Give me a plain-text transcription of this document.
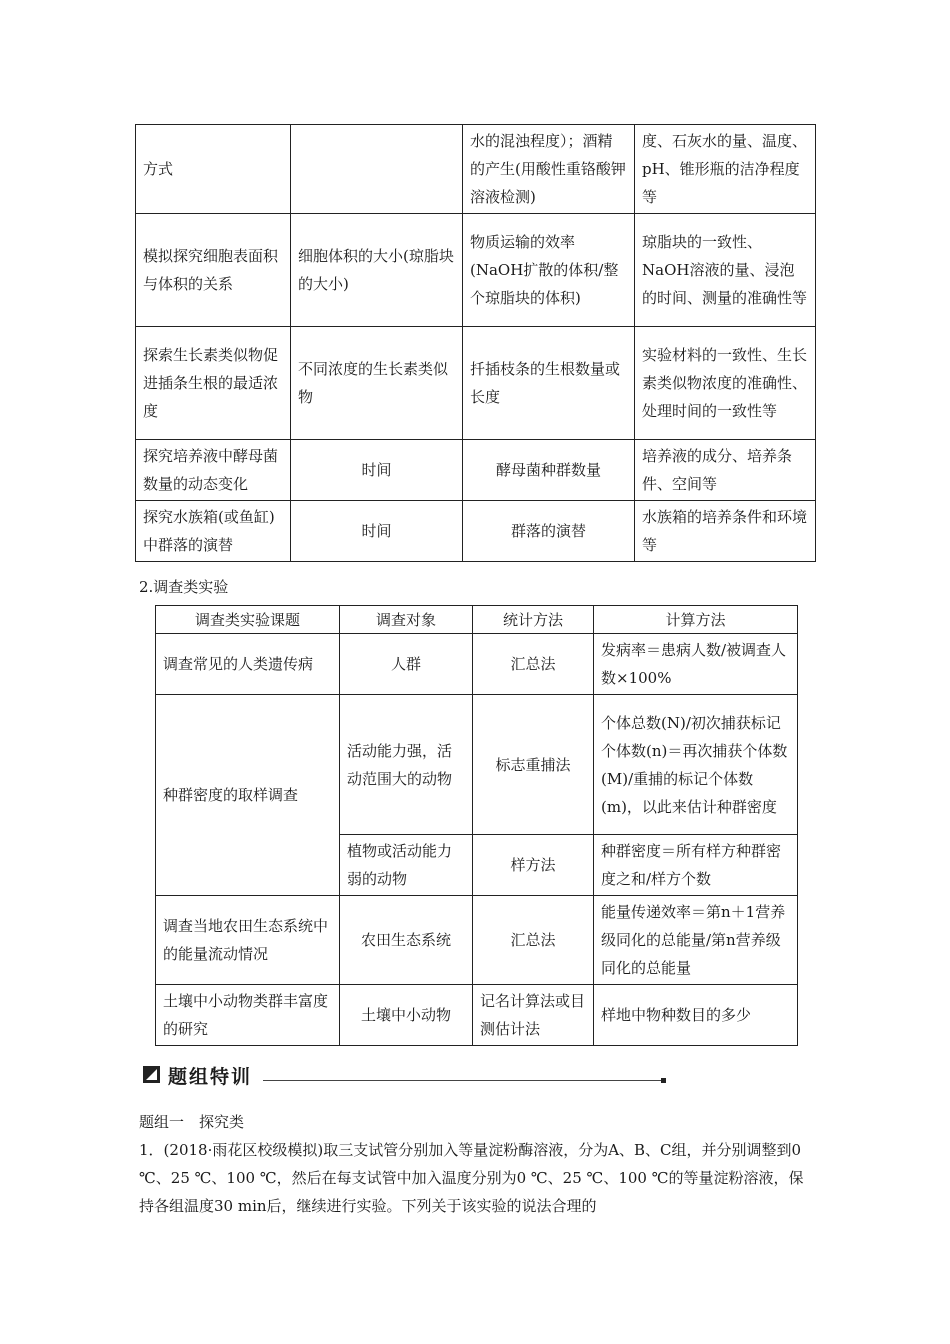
方式		水的混浊程度）；酒精的产生(用酸性重铬酸钾溶液检测)	度、石灰水的量、温度、pH、锥形瓶的洁净程度等
模拟探究细胞表面积与体积的关系	细胞体积的大小(琼脂块的大小)	物质运输的效率(NaOH扩散的体积/整个琼脂块的体积)	琼脂块的一致性、NaOH溶液的量、浸泡的时间、测量的准确性等
探索生长素类似物促进插条生根的最适浓度	不同浓度的生长素类似物	扦插枝条的生根数量或长度	实验材料的一致性、生长素类似物浓度的准确性、处理时间的一致性等
探究培养液中酵母菌数量的动态变化	时间	酵母菌种群数量	培养液的成分、培养条件、空间等
探究水族箱(或鱼缸)中群落的演替	时间	群落的演替	水族箱的培养条件和环境等
2.调查类实验
调查类实验课题	调查对象	统计方法	计算方法
调查常见的人类遗传病	人群	汇总法	发病率＝患病人数/被调查人数×100%
种群密度的取样调查	活动能力强，活动范围大的动物	标志重捕法	个体总数(N)/初次捕获标记个体数(n)＝再次捕获个体数(M)/重捕的标记个体数(m)，以此来估计种群密度
	植物或活动能力弱的动物	样方法	种群密度＝所有样方种群密度之和/样方个数
调查当地农田生态系统中的能量流动情况	农田生态系统	汇总法	能量传递效率＝第n＋1营养级同化的总能量/第n营养级同化的总能量
土壤中小动物类群丰富度的研究	土壤中小动物	记名计算法或目测估计法	样地中物种数目的多少
题组特训
题组一　探究类
1．(2018·雨花区校级模拟)取三支试管分别加入等量淀粉酶溶液，分为A、B、C组，并分别调整到0 ℃、25 ℃、100 ℃，然后在每支试管中加入温度分别为0 ℃、25 ℃、100 ℃的等量淀粉溶液，保持各组温度30 min后，继续进行实验。下列关于该实验的说法合理的
